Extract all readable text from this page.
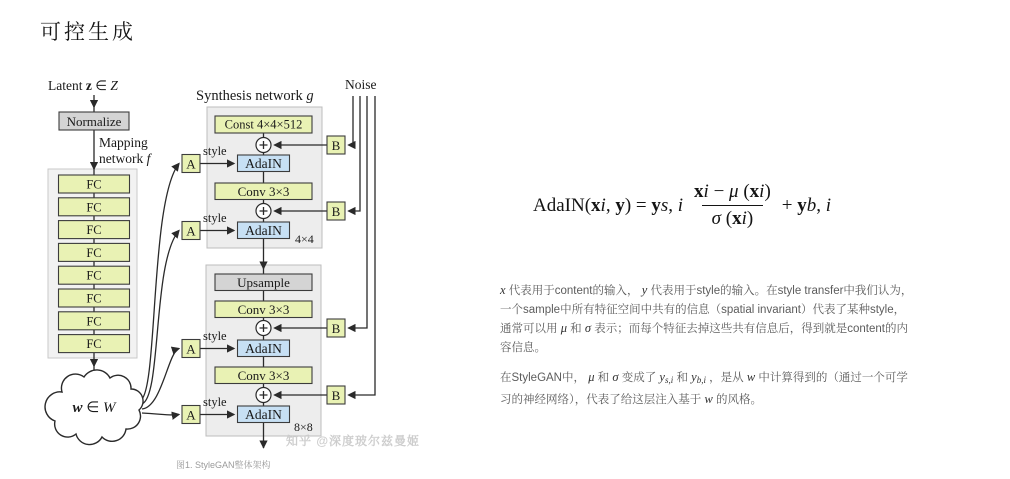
可控生成
Normalize
FC
FC
FC
FC
FC
FC
FC
FC
w ∈ W
Const 4×4×512
AdaIN
Conv 3×3
AdaIN
4×4
Upsample
Conv 3×3
AdaIN
Conv 3×3
AdaIN
8×8
A
A
A
A
B
B
B
B
Latent z ∈ Z
Mapping
network f
Synthesis network g
Noise
style
style
style
style
知乎 @深度玻尔兹曼姬
图1. StyleGAN整体架构
AdaIN(xi, y) = ys, i $\frac{xi - \mu (xi)}{\sigma (xi)}$ + yb, i

x 代表用于content的输入， y 代表用于style的输入。在style transfer中我们认为，一个sample中所有特征空间中共有的信息（spatial invariant）代表了某种style，通常可以用 μ 和 σ 表示；而每个特征去掉这些共有信息后，得到就是content的内容信息。

在StyleGAN中， μ 和 σ 变成了 $y_{s,i}$ 和 $y_{b,i}$ ，是从 w 中计算得到的（通过一个可学习的神经网络），代表了给这层注入基于 w 的风格。
